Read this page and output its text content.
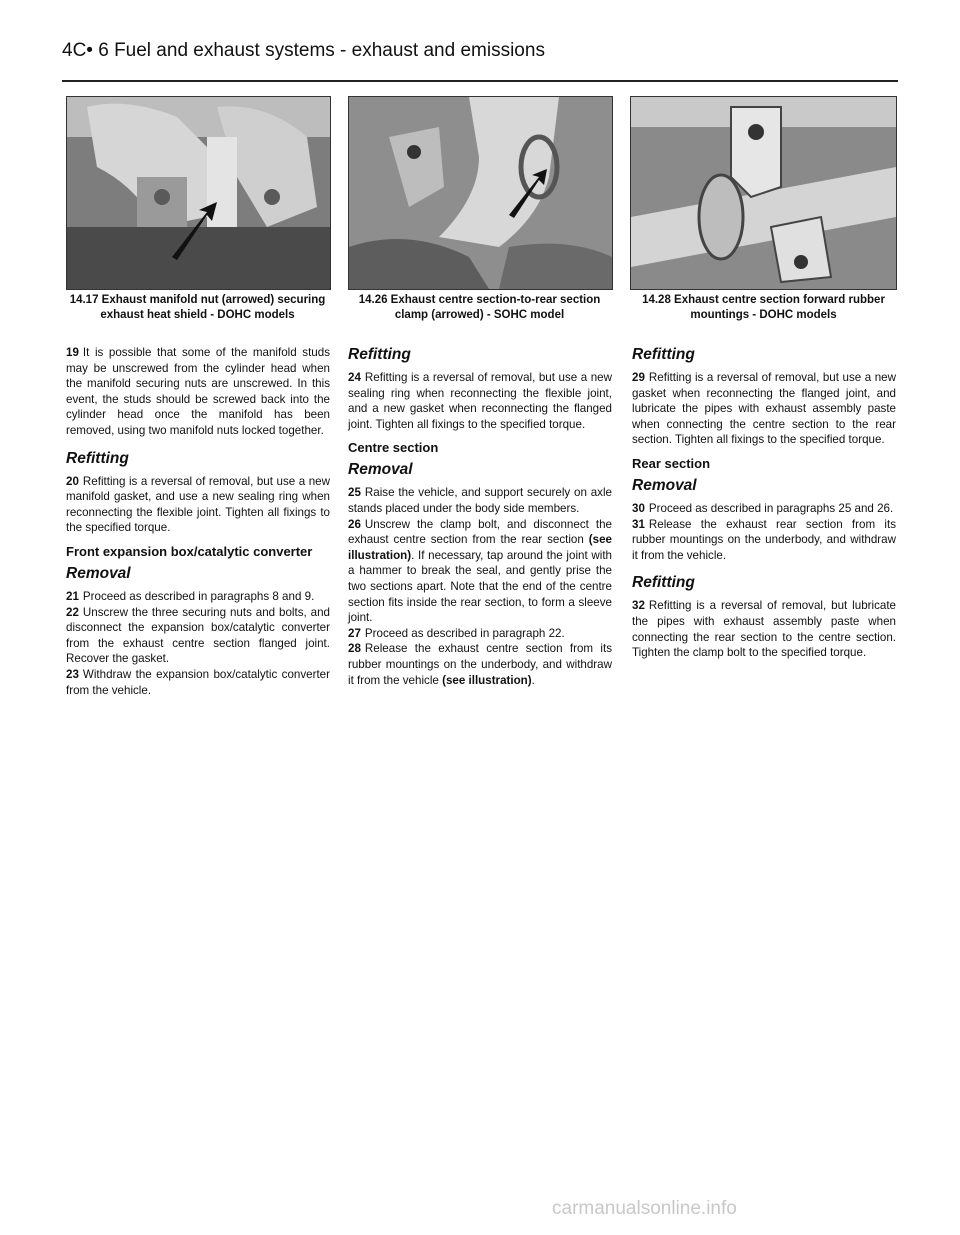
4C• 6 Fuel and exhaust systems - exhaust and emissions
14.17 Exhaust manifold nut (arrowed) securing exhaust heat shield - DOHC models
14.26 Exhaust centre section-to-rear section clamp (arrowed) - SOHC model
14.28 Exhaust centre section forward rubber mountings - DOHC models

19 It is possible that some of the manifold studs may be unscrewed from the cylinder head when the manifold securing nuts are unscrewed. In this event, the studs should be screwed back into the cylinder head once the manifold has been removed, using two manifold nuts locked together.

Refitting

20 Refitting is a reversal of removal, but use a new manifold gasket, and use a new sealing ring when reconnecting the flexible joint. Tighten all fixings to the specified torque.

Front expansion box/catalytic converter
Removal

21 Proceed as described in paragraphs 8 and 9.

22 Unscrew the three securing nuts and bolts, and disconnect the expansion box/catalytic converter from the exhaust centre section flanged joint. Recover the gasket.

23 Withdraw the expansion box/catalytic converter from the vehicle.

Refitting

24 Refitting is a reversal of removal, but use a new sealing ring when reconnecting the flexible joint, and a new gasket when reconnecting the flanged joint. Tighten all fixings to the specified torque.

Centre section
Removal

25 Raise the vehicle, and support securely on axle stands placed under the body side members.

26 Unscrew the clamp bolt, and disconnect the exhaust centre section from the rear section (see illustration). If necessary, tap around the joint with a hammer to break the seal, and gently prise the two sections apart. Note that the end of the centre section fits inside the rear section, to form a sleeve joint.

27 Proceed as described in paragraph 22.

28 Release the exhaust centre section from its rubber mountings on the underbody, and withdraw it from the vehicle (see illustration).

Refitting

29 Refitting is a reversal of removal, but use a new gasket when reconnecting the flanged joint, and lubricate the pipes with exhaust assembly paste when connecting the centre section to the rear section. Tighten all fixings to the specified torque.

Rear section
Removal

30 Proceed as described in paragraphs 25 and 26.

31 Release the exhaust rear section from its rubber mountings on the underbody, and withdraw it from the vehicle.

Refitting

32 Refitting is a reversal of removal, but lubricate the pipes with exhaust assembly paste when connecting the rear section to the centre section. Tighten the clamp bolt to the specified torque.

carmanualsonline.info
